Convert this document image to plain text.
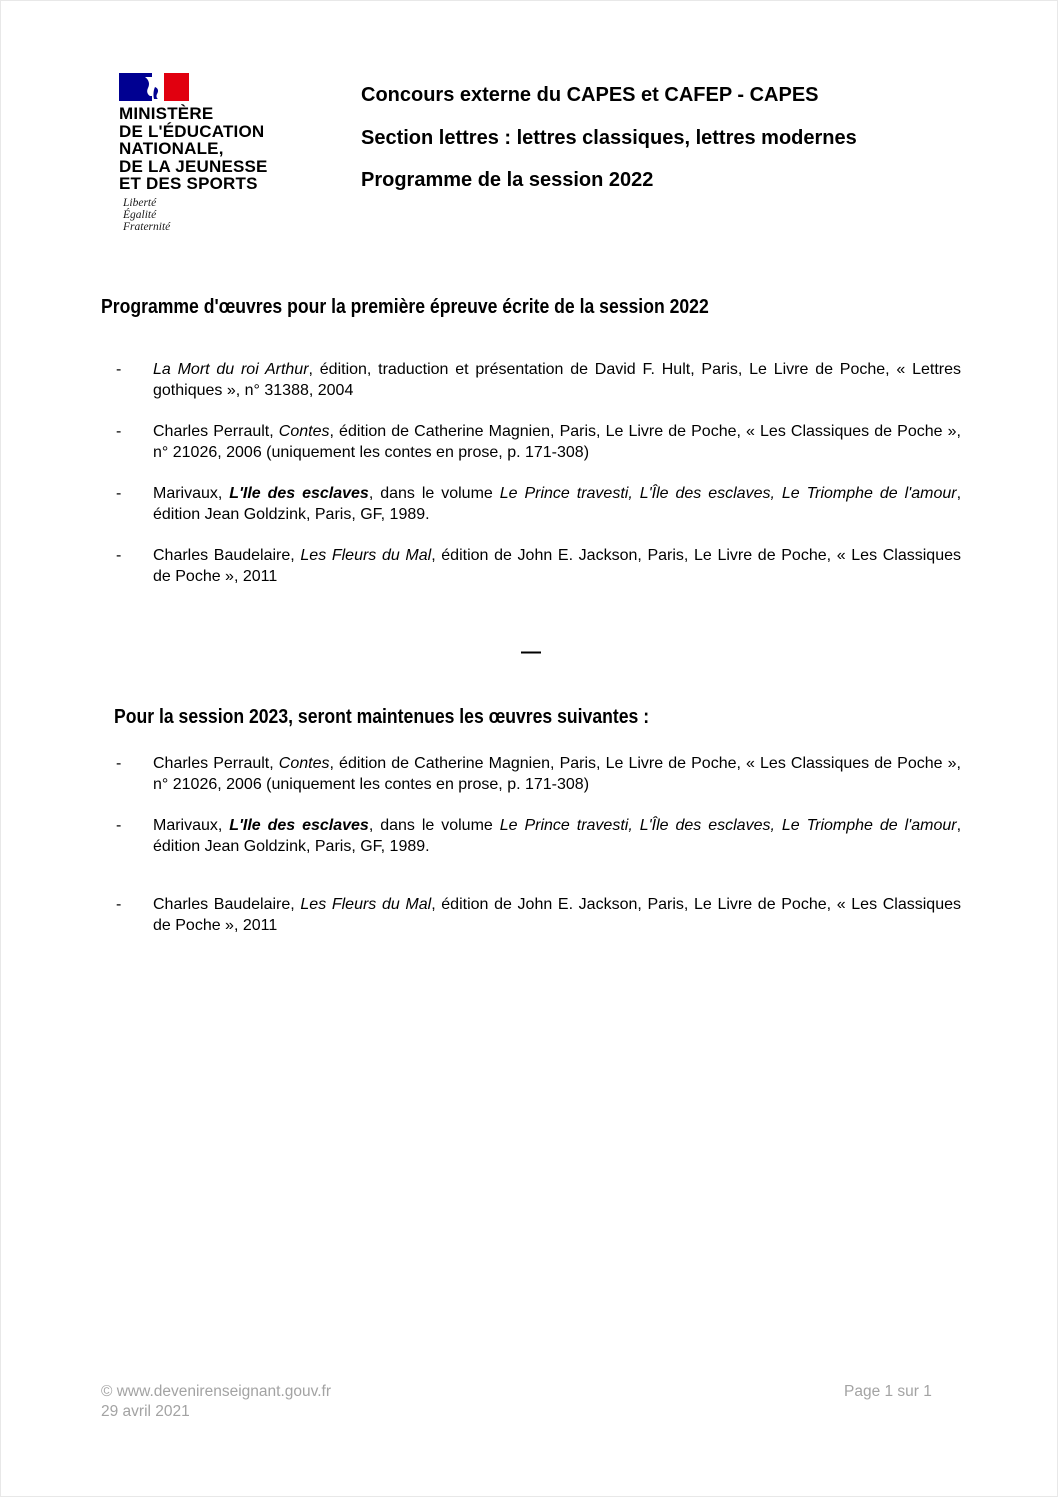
MINISTÈRE
DE L'ÉDUCATION
NATIONALE,
DE LA JEUNESSE
ET DES SPORTS
Liberté
Égalité
Fraternité
Concours externe du CAPES et CAFEP - CAPES
Section lettres : lettres classiques, lettres modernes
Programme de la session 2022
Programme d'œuvres pour la première épreuve écrite de la session 2022
-	La Mort du roi Arthur, édition, traduction et présentation de David F. Hult, Paris, Le Livre de Poche, « Lettres gothiques », n° 31388, 2004
-	Charles Perrault, Contes, édition de Catherine Magnien, Paris, Le Livre de Poche, « Les Classiques de Poche », n° 21026, 2006 (uniquement les contes en prose, p. 171-308)
-	Marivaux, L'Ile des esclaves, dans le volume Le Prince travesti, L'Île des esclaves, Le Triomphe de l'amour, édition Jean Goldzink, Paris, GF, 1989.
-	Charles Baudelaire, Les Fleurs du Mal, édition de John E. Jackson, Paris, Le Livre de Poche, « Les Classiques de Poche », 2011
—
Pour la session 2023, seront maintenues les œuvres suivantes :
-	Charles Perrault, Contes, édition de Catherine Magnien, Paris, Le Livre de Poche, « Les Classiques de Poche », n° 21026, 2006 (uniquement les contes en prose, p. 171-308)
-	Marivaux, L'Ile des esclaves, dans le volume Le Prince travesti, L'Île des esclaves, Le Triomphe de l'amour, édition Jean Goldzink, Paris, GF, 1989.
-	Charles Baudelaire, Les Fleurs du Mal, édition de John E. Jackson, Paris, Le Livre de Poche, « Les Classiques de Poche », 2011
© www.devenirenseignant.gouv.fr
29 avril 2021
Page 1 sur 1
